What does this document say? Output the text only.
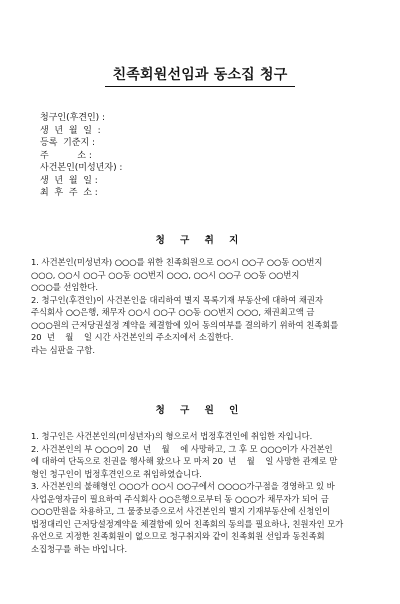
친족회원선임과 동소집 청구
청구인(후견인) :
생  년  월  일  :
등록  기준지 :
주          소 :
사건본인(미성년자) :
생  년  월  일 :
최  후  주  소 :
청 구 취 지

1. 사건본인(미성년자) ○○○를 위한 친족회원으로 ○○시 ○○구 ○○동 ○○번지

○○○, ○○시 ○○구 ○○동 ○○번지 ○○○, ○○시 ○○구 ○○동 ○○번지

○○○를 선임한다.

2. 청구인(후견인)이 사건본인을 대리하여 별지 목록기재 부동산에 대하여 채권자

주식회사 ○○은행, 채무자 ○○시 ○○구 ○○동 ○○번지 ○○○, 채권최고액 금

○○○원의 근저당권설정 계약을 체결함에 있어 동의여부를 결의하기 위하여 친족회를

20  년    월    일 시간 사건본인의 주소지에서 소집한다.

라는 심판을 구함.

청 구 원 인

1. 청구인은 사건본인의(미성년자)의 형으로서 법정후견인에 취임한 자입니다.

2. 사건본인의 부 ○○○이 20  년    월    에 사망하고, 그 후 모 ○○○이가 사건본인

에 대하여 단독으로 친권을 행사해 왔으나 모 마저 20  년    월    일 사망한 관계로 맏

형인 청구인이 법정후견인으로 취임하였습니다.

3. 사건본인의 불해형인 ○○○가 ○○시 ○○구에서 ○○○○가구점을 경영하고 있 바

사업운영자금이 필요하여 주식회사 ○○은행으로부터 동 ○○○가 채무자가 되어 금

○○○만원을 차용하고, 그 물중보증으로서 사건본인의 별지 기재부동산에 신청인이

법정대리인 근저당설정계약을 체결함에 있어 친족회의 동의를 필요하나, 친원자인 모가

유언으로 지정한 친족회원이 없으므로 청구취지와 같이 친족회원 선임과 동친족회

소집청구를 하는 바입니다.
